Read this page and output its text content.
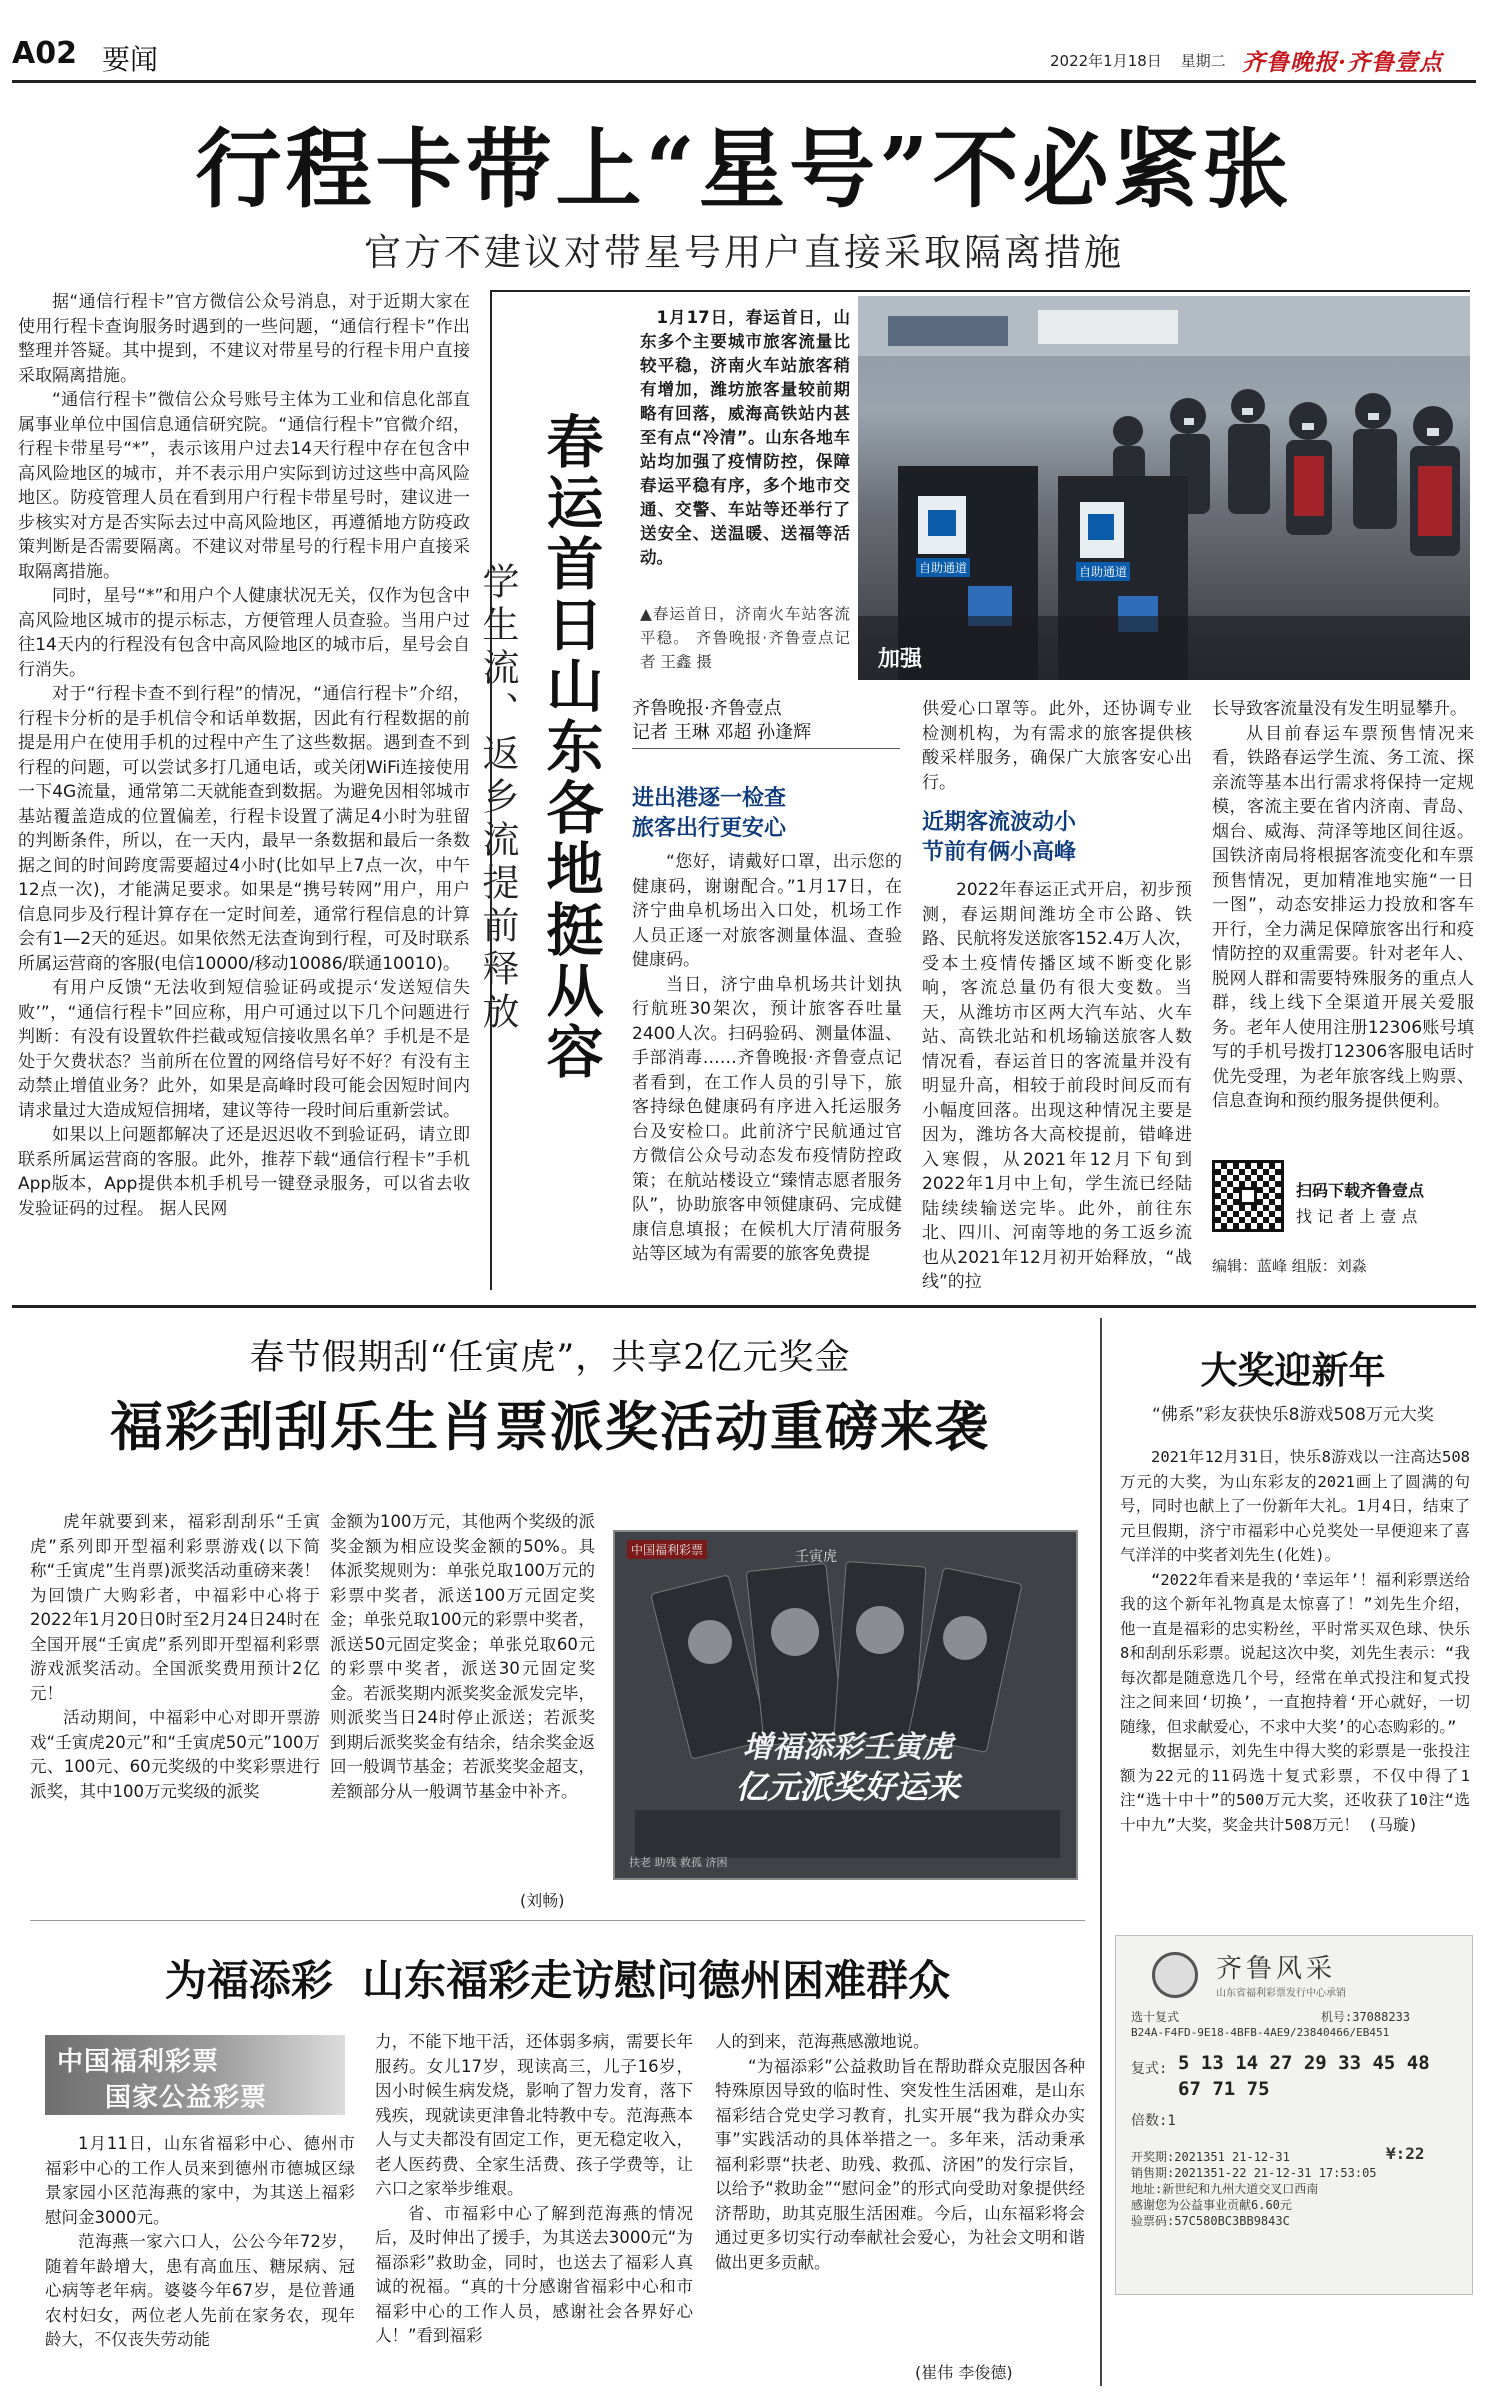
A02 要闻	2022年1月18日 星期二 齐鲁晚报·齐鲁壹点
行程卡带上“星号”不必紧张
官方不建议对带星号用户直接采取隔离措施

据“通信行程卡”官方微信公众号消息，对于近期大家在使用行程卡查询服务时遇到的一些问题，“通信行程卡”作出整理并答疑。其中提到，不建议对带星号的行程卡用户直接采取隔离措施。

“通信行程卡”微信公众号账号主体为工业和信息化部直属事业单位中国信息通信研究院。“通信行程卡”官微介绍，行程卡带星号“*”，表示该用户过去14天行程中存在包含中高风险地区的城市，并不表示用户实际到访过这些中高风险地区。防疫管理人员在看到用户行程卡带星号时，建议进一步核实对方是否实际去过中高风险地区，再遵循地方防疫政策判断是否需要隔离。不建议对带星号的行程卡用户直接采取隔离措施。

同时，星号“*”和用户个人健康状况无关，仅作为包含中高风险地区城市的提示标志，方便管理人员查验。当用户过往14天内的行程没有包含中高风险地区的城市后，星号会自行消失。

对于“行程卡查不到行程”的情况，“通信行程卡”介绍，行程卡分析的是手机信令和话单数据，因此有行程数据的前提是用户在使用手机的过程中产生了这些数据。遇到查不到行程的问题，可以尝试多打几通电话，或关闭WiFi连接使用一下4G流量，通常第二天就能查到数据。为避免因相邻城市基站覆盖造成的位置偏差，行程卡设置了满足4小时为驻留的判断条件，所以，在一天内，最早一条数据和最后一条数据之间的时间跨度需要超过4小时(比如早上7点一次，中午12点一次)，才能满足要求。如果是“携号转网”用户，用户信息同步及行程计算存在一定时间差，通常行程信息的计算会有1—2天的延迟。如果依然无法查询到行程，可及时联系所属运营商的客服(电信10000/移动10086/联通10010)。

有用户反馈“无法收到短信验证码或提示‘发送短信失败’”，“通信行程卡”回应称，用户可通过以下几个问题进行判断：有没有设置软件拦截或短信接收黑名单？手机是不是处于欠费状态？当前所在位置的网络信号好不好？有没有主动禁止增值业务？此外，如果是高峰时段可能会因短时间内请求量过大造成短信拥堵，建议等待一段时间后重新尝试。

如果以上问题都解决了还是迟迟收不到验证码，请立即联系所属运营商的客服。此外，推荐下载“通信行程卡”手机App版本，App提供本机手机号一键登录服务，可以省去收发验证码的过程。 据人民网

春运首日山东各地挺从容
学生流、返乡流提前释放

1月17日，春运首日，山东多个主要城市旅客流量比较平稳，济南火车站旅客稍有增加，潍坊旅客量较前期略有回落，威海高铁站内甚至有点“冷清”。山东各地车站均加强了疫情防控，保障春运平稳有序，多个地市交通、交警、车站等还举行了送安全、送温暖、送福等活动。

▲春运首日，济南火车站客流平稳。 齐鲁晚报·齐鲁壹点记者 王鑫 摄

自助通道	自助通道
加强
齐鲁晚报·齐鲁壹点
记者 王琳 邓超 孙逢辉
进出港逐一检查
旅客出行更安心

“您好，请戴好口罩，出示您的健康码，谢谢配合。”1月17日，在济宁曲阜机场出入口处，机场工作人员正逐一对旅客测量体温、查验健康码。

当日，济宁曲阜机场共计划执行航班30架次，预计旅客吞吐量2400人次。扫码验码、测量体温、手部消毒……齐鲁晚报·齐鲁壹点记者看到，在工作人员的引导下，旅客持绿色健康码有序进入托运服务台及安检口。此前济宁民航通过官方微信公众号动态发布疫情防控政策；在航站楼设立“臻情志愿者服务队”，协助旅客申领健康码、完成健康信息填报；在候机大厅清荷服务站等区域为有需要的旅客免费提

供爱心口罩等。此外，还协调专业检测机构，为有需求的旅客提供核酸采样服务，确保广大旅客安心出行。

近期客流波动小
节前有俩小高峰

2022年春运正式开启，初步预测，春运期间潍坊全市公路、铁路、民航将发送旅客152.4万人次，受本土疫情传播区域不断变化影响，客流总量仍有很大变数。当天，从潍坊市区两大汽车站、火车站、高铁北站和机场输送旅客人数情况看，春运首日的客流量并没有明显升高，相较于前段时间反而有小幅度回落。出现这种情况主要是因为，潍坊各大高校提前，错峰进入寒假，从2021年12月下旬到2022年1月中上旬，学生流已经陆陆续续输送完毕。此外，前往东北、四川、河南等地的务工返乡流也从2021年12月初开始释放，“战线”的拉

长导致客流量没有发生明显攀升。

从目前春运车票预售情况来看，铁路春运学生流、务工流、探亲流等基本出行需求将保持一定规模，客流主要在省内济南、青岛、烟台、威海、菏泽等地区间往返。国铁济南局将根据客流变化和车票预售情况，更加精准地实施“一日一图”，动态安排运力投放和客车开行，全力满足保障旅客出行和疫情防控的双重需要。针对老年人、脱网人群和需要特殊服务的重点人群，线上线下全渠道开展关爱服务。老年人使用注册12306账号填写的手机号拨打12306客服电话时优先受理，为老年旅客线上购票、信息查询和预约服务提供便利。

扫码下载齐鲁壹点
找 记 者 上 壹 点
编辑：蓝峰 组版：刘淼
春节假期刮“任寅虎”，共享2亿元奖金
福彩刮刮乐生肖票派奖活动重磅来袭

虎年就要到来，福彩刮刮乐“壬寅虎”系列即开型福利彩票游戏(以下简称“壬寅虎”生肖票)派奖活动重磅来袭！为回馈广大购彩者，中福彩中心将于2022年1月20日0时至2月24日24时在全国开展“壬寅虎”系列即开型福利彩票游戏派奖活动。全国派奖费用预计2亿元！

活动期间，中福彩中心对即开票游戏“壬寅虎20元”和“壬寅虎50元”100万元、100元、60元奖级的中奖彩票进行派奖，其中100万元奖级的派奖

金额为100万元，其他两个奖级的派奖金额为相应设奖金额的50%。具体派奖规则为：单张兑取100万元的彩票中奖者，派送100万元固定奖金；单张兑取100元的彩票中奖者，派送50元固定奖金；单张兑取60元的彩票中奖者，派送30元固定奖金。若派奖期内派奖奖金派发完毕，则派奖当日24时停止派送；若派奖到期后派奖奖金有结余，结余奖金返回一般调节基金；若派奖奖金超支，差额部分从一般调节基金中补齐。

(刘畅)
中国福利彩票	壬寅虎
增福添彩壬寅虎
亿元派奖好运来
扶老 助残 救孤 济困
大奖迎新年
“佛系”彩友获快乐8游戏508万元大奖

2021年12月31日，快乐8游戏以一注高达508万元的大奖，为山东彩友的2021画上了圆满的句号，同时也献上了一份新年大礼。1月4日，结束了元旦假期，济宁市福彩中心兑奖处一早便迎来了喜气洋洋的中奖者刘先生(化姓)。

“2022年看来是我的‘幸运年’！福利彩票送给我的这个新年礼物真是太惊喜了！”刘先生介绍，他一直是福彩的忠实粉丝，平时常买双色球、快乐8和刮刮乐彩票。说起这次中奖，刘先生表示：“我每次都是随意选几个号，经常在单式投注和复式投注之间来回‘切换’，一直抱持着‘开心就好，一切随缘，但求献爱心，不求中大奖’的心态购彩的。”

数据显示，刘先生中得大奖的彩票是一张投注额为22元的11码选十复式彩票，不仅中得了1注“选十中十”的500万元大奖，还收获了10注“选十中九”大奖，奖金共计508万元！ (马璇)

齐鲁风采
山东省福利彩票发行中心承销
选十复式	机号:37088233
B24A-F4FD-9E18-4BFB-4AE9/23840466/EB451
复式: 5 13 14 27 29 33 45 48
67 71 75
倍数:1
¥:22
开奖期:2021351 21-12-31
销售期:2021351-22 21-12-31 17:53:05
地址:新世纪和九州大道交叉口西南
感谢您为公益事业贡献6.60元
验票码:57C580BC3BB9843C
为福添彩  山东福彩走访慰问德州困难群众
中国福利彩票
国家公益彩票

1月11日，山东省福彩中心、德州市福彩中心的工作人员来到德州市德城区绿景家园小区范海燕的家中，为其送上福彩慰问金3000元。

范海燕一家六口人，公公今年72岁，随着年龄增大，患有高血压、糖尿病、冠心病等老年病。婆婆今年67岁，是位普通农村妇女，两位老人先前在家务农，现年龄大，不仅丧失劳动能

力，不能下地干活，还体弱多病，需要长年服药。女儿17岁，现读高三，儿子16岁，因小时候生病发烧，影响了智力发育，落下残疾，现就读更津鲁北特教中专。范海燕本人与丈夫都没有固定工作，更无稳定收入，老人医药费、全家生活费、孩子学费等，让六口之家举步维艰。

省、市福彩中心了解到范海燕的情况后，及时伸出了援手，为其送去3000元“为福添彩”救助金，同时，也送去了福彩人真诚的祝福。“真的十分感谢省福彩中心和市福彩中心的工作人员，感谢社会各界好心人！”看到福彩

人的到来，范海燕感激地说。

“为福添彩”公益救助旨在帮助群众克服因各种特殊原因导致的临时性、突发性生活困难，是山东福彩结合党史学习教育，扎实开展“我为群众办实事”实践活动的具体举措之一。多年来，活动秉承福利彩票“扶老、助残、救孤、济困”的发行宗旨，以给予“救助金”“慰问金”的形式向受助对象提供经济帮助，助其克服生活困难。今后，山东福彩将会通过更多切实行动奉献社会爱心，为社会文明和谐做出更多贡献。

(崔伟 李俊德)
